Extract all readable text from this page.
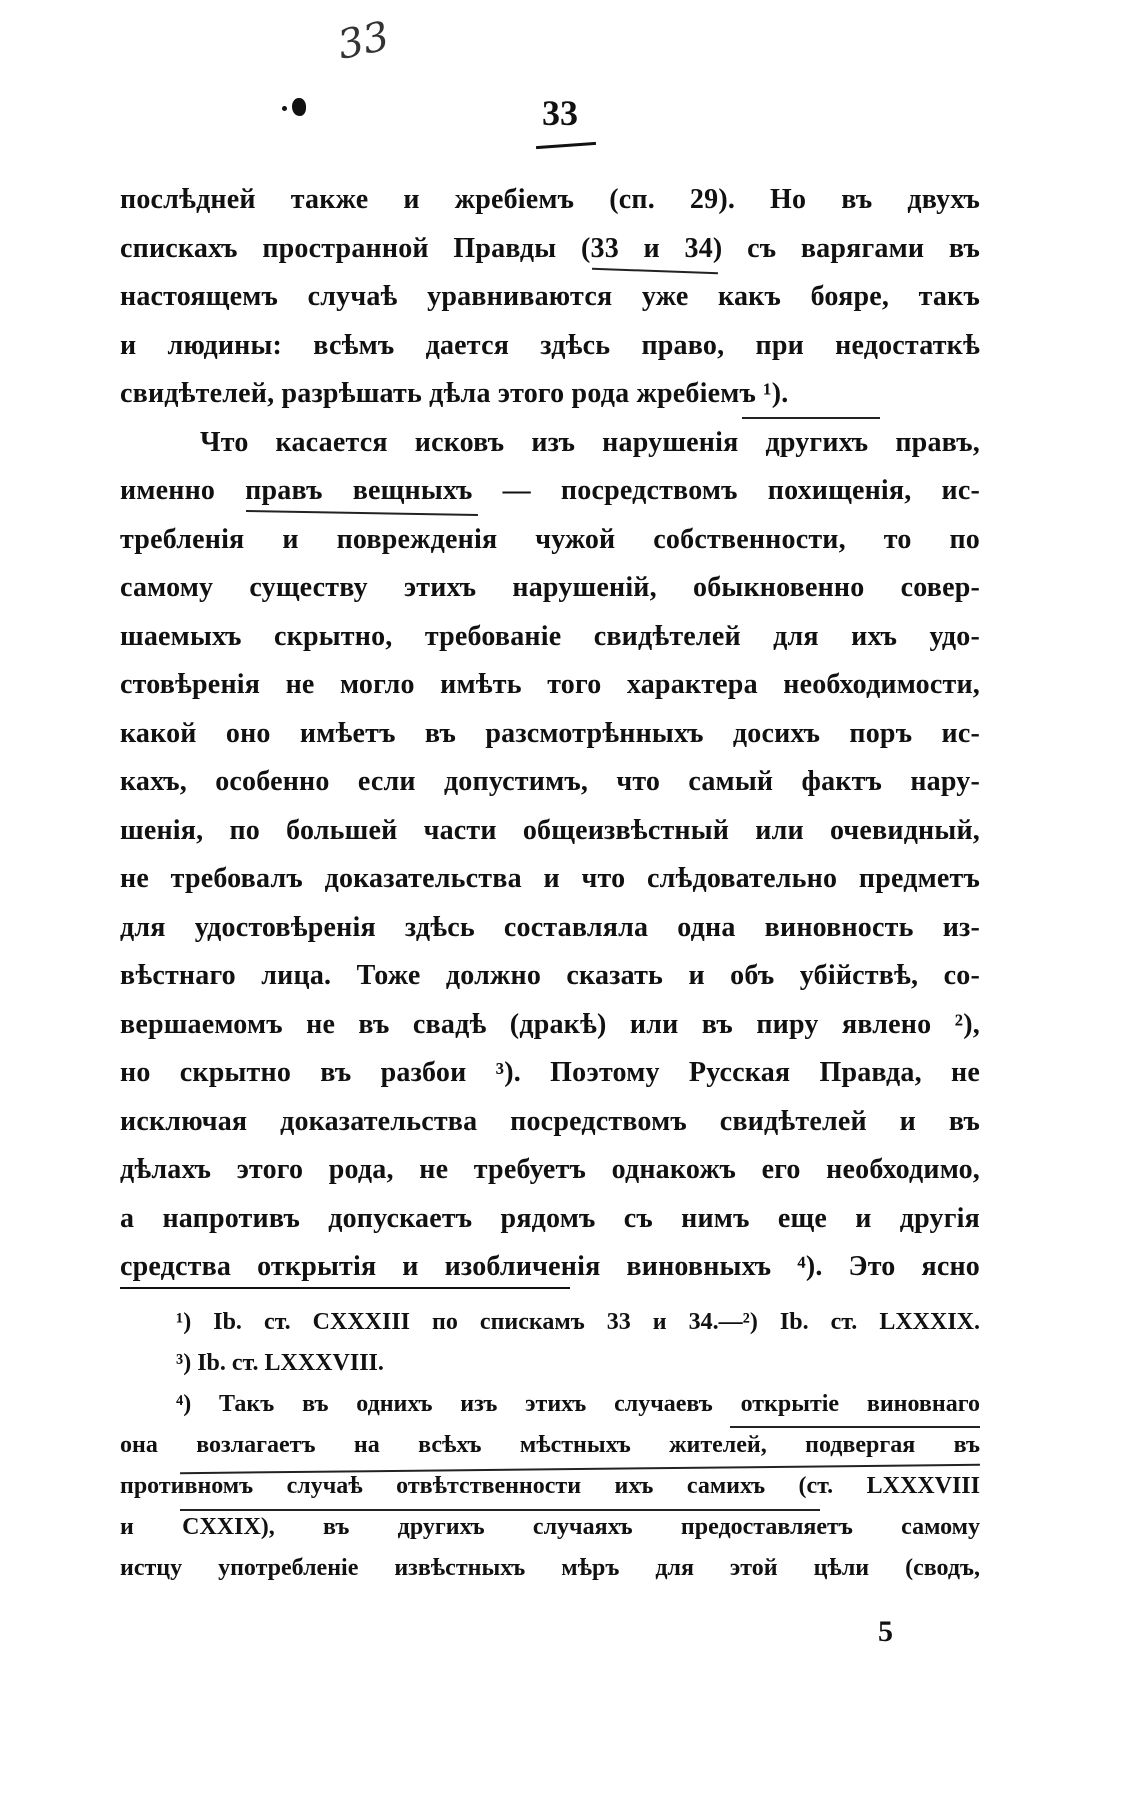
33
33
послѣдней также и жребіемъ (сп. 29). Но въ двухъ
спискахъ пространной Правды (33 и 34) съ варягами въ
настоящемъ случаѣ уравниваются уже какъ бояре, такъ
и людины: всѣмъ дается здѣсь право, при недостаткѣ
свидѣтелей, разрѣшать дѣла этого рода жребіемъ ¹).
Что касается исковъ изъ нарушенія другихъ правъ,
именно правъ вещныхъ — посредствомъ похищенія, ис-
требленія и поврежденія чужой собственности, то по
самому существу этихъ нарушеній, обыкновенно совер-
шаемыхъ скрытно, требованіе свидѣтелей для ихъ удо-
стовѣренія не могло имѣть того характера необходимости,
какой оно имѣетъ въ разсмотрѣнныхъ досихъ поръ ис-
кахъ, особенно если допустимъ, что самый фактъ нару-
шенія, по большей части общеизвѣстный или очевидный,
не требовалъ доказательства и что слѣдовательно предметъ
для удостовѣренія здѣсь составляла одна виновность из-
вѣстнаго лица. Тоже должно сказать и объ убійствѣ, со-
вершаемомъ не въ свадѣ (дракѣ) или въ пиру явлено ²),
но скрытно въ разбои ³). Поэтому Русская Правда, не
исключая доказательства посредствомъ свидѣтелей и въ
дѣлахъ этого рода, не требуетъ однакожъ его необходимо,
а напротивъ допускаетъ рядомъ съ нимъ еще и другія
средства открытія и изобличенія виновныхъ ⁴). Это ясно
¹) Ib. ст. CXXXIII по спискамъ 33 и 34.—²) Ib. ст. LXXXIX.
³) Ib. ст. LXXXVIII.
⁴) Такъ въ однихъ изъ этихъ случаевъ открытіе виновнаго
она возлагаетъ на всѣхъ мѣстныхъ жителей, подвергая въ
противномъ случаѣ отвѣтственности ихъ самихъ (ст. LXXXVIII
и CXXIX), въ другихъ случаяхъ предоставляетъ самому
истцу употребленіе извѣстныхъ мѣръ для этой цѣли (сводъ,
5
